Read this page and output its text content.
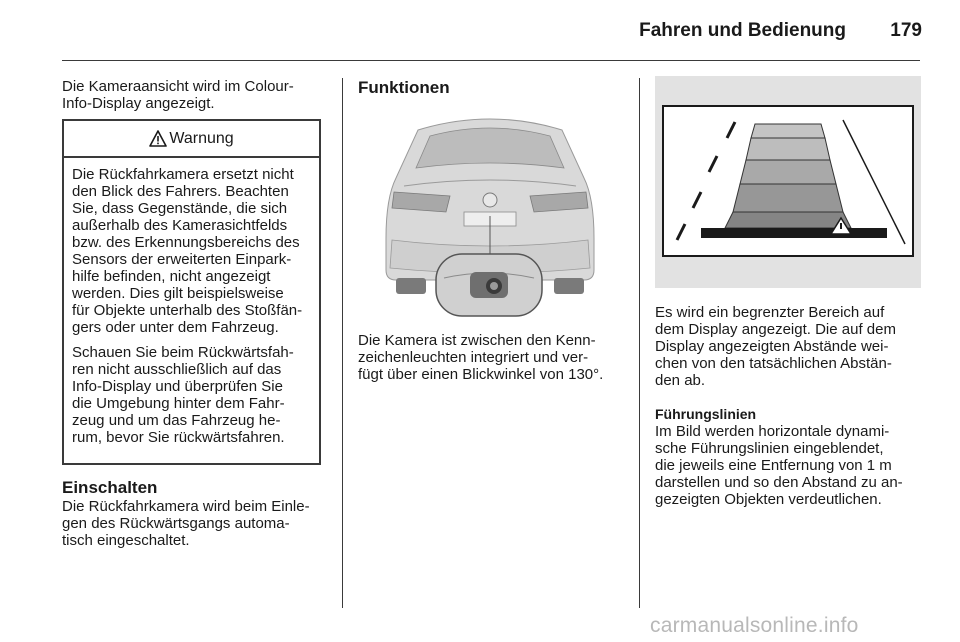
Fahren und Bedienung	179

Die Kameraansicht wird im Colour-
Info-Display angezeigt.

Warnung

Die Rückfahrkamera ersetzt nicht
den Blick des Fahrers. Beachten
Sie, dass Gegenstände, die sich
außerhalb des Kamerasichtfelds
bzw. des Erkennungsbereichs des
Sensors der erweiterten Einpark-
hilfe befinden, nicht angezeigt
werden. Dies gilt beispielsweise
für Objekte unterhalb des Stoßfän-
gers oder unter dem Fahrzeug.

Schauen Sie beim Rückwärtsfah-
ren nicht ausschließlich auf das
Info-Display und überprüfen Sie
die Umgebung hinter dem Fahr-
zeug und um das Fahrzeug he-
rum, bevor Sie rückwärtsfahren.

Einschalten

Die Rückfahrkamera wird beim Einle-
gen des Rückwärtsgangs automa-
tisch eingeschaltet.

Funktionen

Die Kamera ist zwischen den Kenn-
zeichenleuchten integriert und ver-
fügt über einen Blickwinkel von 130°.

Es wird ein begrenzter Bereich auf
dem Display angezeigt. Die auf dem
Display angezeigten Abstände wei-
chen von den tatsächlichen Abstän-
den ab.

Führungslinien

Im Bild werden horizontale dynami-
sche Führungslinien eingeblendet,
die jeweils eine Entfernung von 1 m
darstellen und so den Abstand zu an-
gezeigten Objekten verdeutlichen.

carmanualsonline.info
